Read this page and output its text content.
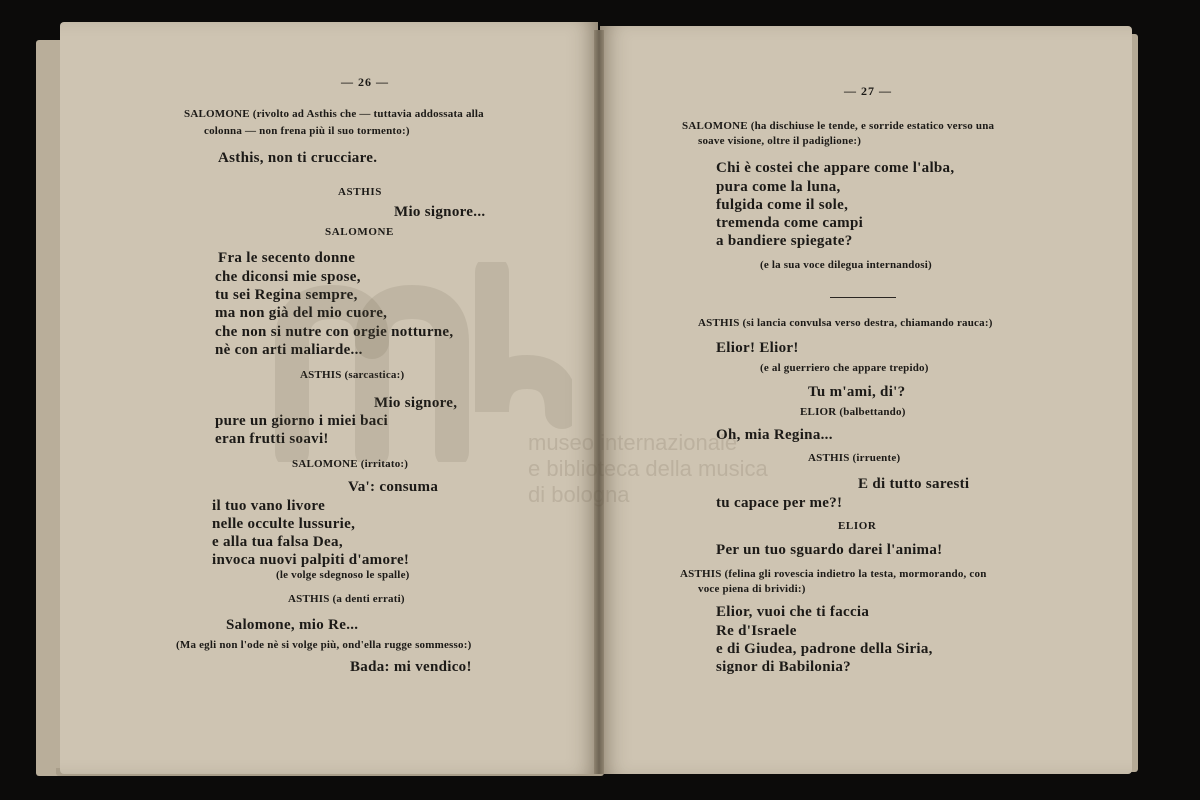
— 26 —
SALOMONE (rivolto ad Asthis che — tuttavia addossata alla
colonna — non frena più il suo tormento:)
Asthis, non ti crucciare.
ASTHIS
Mio signore...
SALOMONE
Fra le secento donne
che diconsi mie spose,
tu sei Regina sempre,
ma non già del mio cuore,
che non si nutre con orgie notturne,
nè con arti maliarde...
ASTHIS (sarcastica:)
Mio signore,
pure un giorno i miei baci
eran frutti soavi!
SALOMONE (irritato:)
Va': consuma
il tuo vano livore
nelle occulte lussurie,
e alla tua falsa Dea,
invoca nuovi palpiti d'amore!
(le volge sdegnoso le spalle)
ASTHIS (a denti errati)
Salomone, mio Re...
(Ma egli non l'ode nè si volge più, ond'ella rugge sommesso:)
Bada: mi vendico!
— 27 —
SALOMONE (ha dischiuse le tende, e sorride estatico verso una
soave visione, oltre il padiglione:)
Chi è costei che appare come l'alba,
pura come la luna,
fulgida come il sole,
tremenda come campi
a bandiere spiegate?
(e la sua voce dilegua internandosi)
ASTHIS (si lancia convulsa verso destra, chiamando rauca:)
Elior! Elior!
(e al guerriero che appare trepido)
Tu m'ami, di'?
ELIOR (balbettando)
Oh, mia Regina...
ASTHIS (irruente)
E di tutto saresti
tu capace per me?!
ELIOR
Per un tuo sguardo darei l'anima!
ASTHIS (felina gli rovescia indietro la testa, mormorando, con
voce piena di brividi:)
Elior, vuoi che ti faccia
Re d'Israele
e di Giudea, padrone della Siria,
signor di Babilonia?
museo internazionale
e biblioteca della musica
di bologna
